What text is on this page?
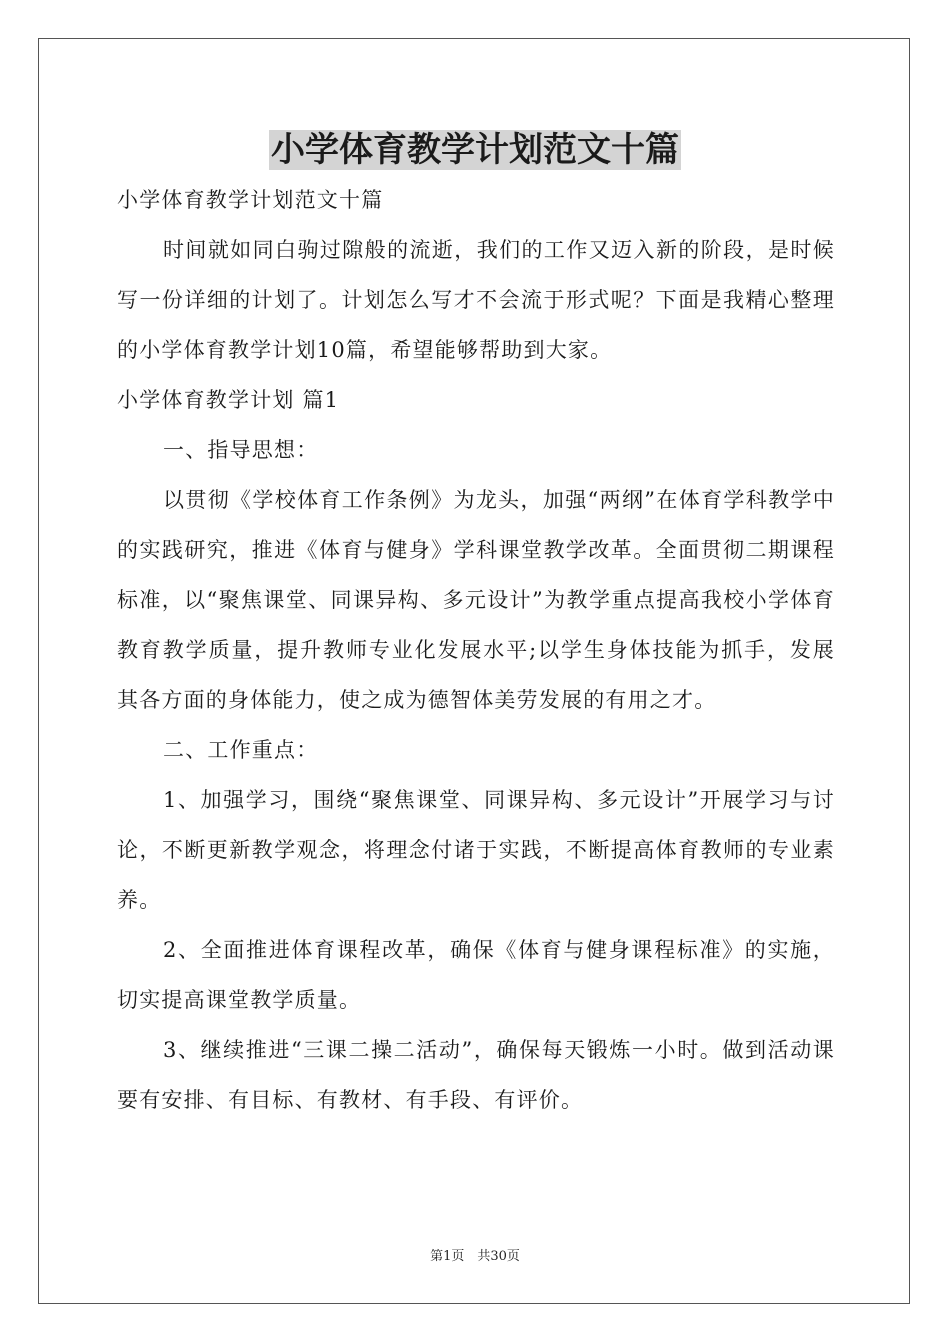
小学体育教学计划范文十篇

小学体育教学计划范文十篇

时间就如同白驹过隙般的流逝，我们的工作又迈入新的阶段，是时候写一份详细的计划了。计划怎么写才不会流于形式呢？下面是我精心整理的小学体育教学计划10篇，希望能够帮助到大家。

小学体育教学计划 篇1

一、指导思想：

以贯彻《学校体育工作条例》为龙头，加强“两纲”在体育学科教学中的实践研究，推进《体育与健身》学科课堂教学改革。全面贯彻二期课程标准，以“聚焦课堂、同课异构、多元设计”为教学重点提高我校小学体育教育教学质量，提升教师专业化发展水平;以学生身体技能为抓手，发展其各方面的身体能力，使之成为德智体美劳发展的有用之才。

二、工作重点：

1、加强学习，围绕“聚焦课堂、同课异构、多元设计”开展学习与讨论，不断更新教学观念，将理念付诸于实践，不断提高体育教师的专业素养。

2、全面推进体育课程改革，确保《体育与健身课程标准》的实施，切实提高课堂教学质量。

3、继续推进“三课二操二活动”，确保每天锻炼一小时。做到活动课要有安排、有目标、有教材、有手段、有评价。

第1页　共30页
